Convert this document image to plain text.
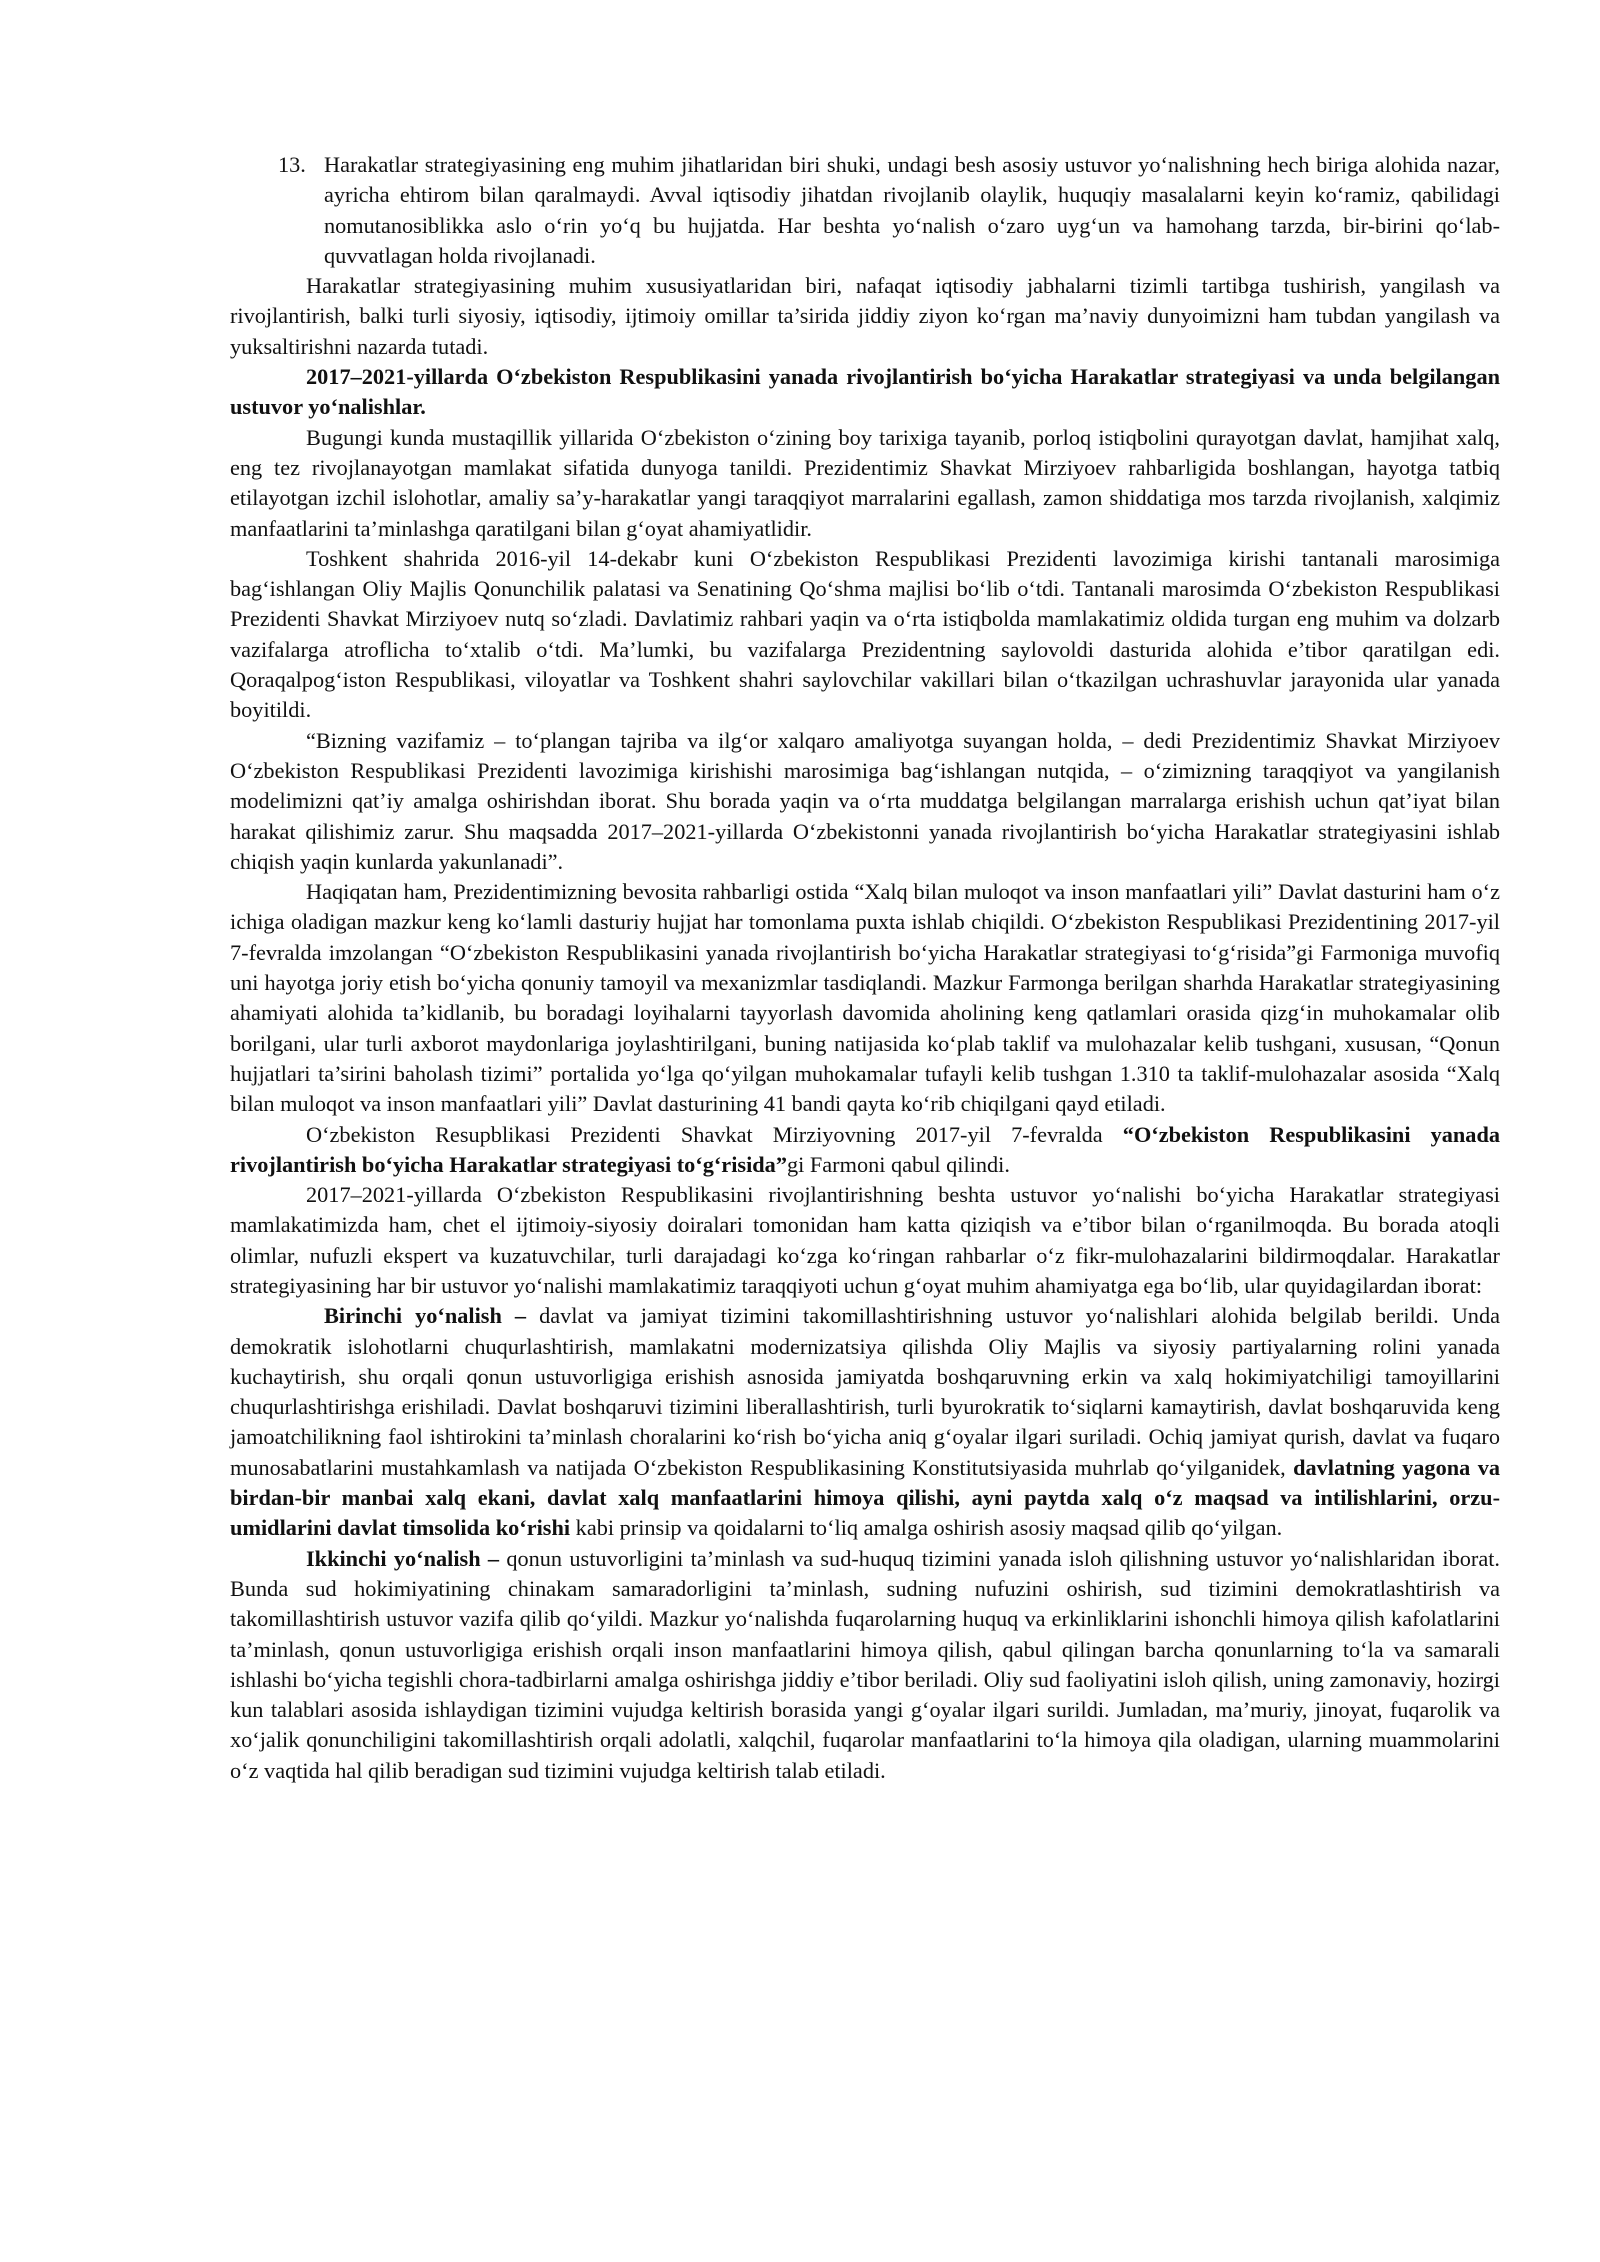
13. Harakatlar strategiyasining eng muhim jihatlaridan biri shuki, undagi besh asosiy ustuvor yo‘nalishning hech biriga alohida nazar, ayricha ehtirom bilan qaralmaydi. Avval iqtisodiy jihatdan rivojlanib olaylik, huquqiy masalalarni keyin ko‘ramiz, qabilidagi nomutanosiblikka aslo o‘rin yo‘q bu hujjatda. Har beshta yo‘nalish o‘zaro uyg‘un va hamohang tarzda, bir-birini qo‘lab-quvvatlagan holda rivojlanadi.

Harakatlar strategiyasining muhim xususiyatlaridan biri, nafaqat iqtisodiy jabhalarni tizimli tartibga tushirish, yangilash va rivojlantirish, balki turli siyosiy, iqtisodiy, ijtimoiy omillar ta’sirida jiddiy ziyon ko‘rgan ma’naviy dunyoimizni ham tubdan yangilash va yuksaltirishni nazarda tutadi.

2017–2021-yillarda O‘zbekiston Respublikasini yanada rivojlantirish bo‘yicha Harakatlar strategiyasi va unda belgilangan ustuvor yo‘nalishlar.

Bugungi kunda mustaqillik yillarida O‘zbekiston o‘zining boy tarixiga tayanib, porloq istiqbolini qurayotgan davlat, hamjihat xalq, eng tez rivojlanayotgan mamlakat sifatida dunyoga tanildi. Prezidentimiz Shavkat Mirziyoev rahbarligida boshlangan, hayotga tatbiq etilayotgan izchil islohotlar, amaliy sa’y-harakatlar yangi taraqqiyot marralarini egallash, zamon shiddatiga mos tarzda rivojlanish, xalqimiz manfaatlarini ta’minlashga qaratilgani bilan g‘oyat ahamiyatlidir.

Toshkent shahrida 2016-yil 14-dekabr kuni O‘zbekiston Respublikasi Prezidenti lavozimiga kirishi tantanali marosimiga bag‘ishlangan Oliy Majlis Qonunchilik palatasi va Senatining Qo‘shma majlisi bo‘lib o‘tdi. Tantanali marosimda O‘zbekiston Respublikasi Prezidenti Shavkat Mirziyoev nutq so‘zladi. Davlatimiz rahbari yaqin va o‘rta istiqbolda mamlakatimiz oldida turgan eng muhim va dolzarb vazifalarga atroflicha to‘xtalib o‘tdi. Ma’lumki, bu vazifalarga Prezidentning saylovoldi dasturida alohida e’tibor qaratilgan edi. Qoraqalpog‘iston Respublikasi, viloyatlar va Toshkent shahri saylovchilar vakillari bilan o‘tkazilgan uchrashuvlar jarayonida ular yanada boyitildi.

“Bizning vazifamiz – to‘plangan tajriba va ilg‘or xalqaro amaliyotga suyangan holda, – dedi Prezidentimiz Shavkat Mirziyoev O‘zbekiston Respublikasi Prezidenti lavozimiga kirishishi marosimiga bag‘ishlangan nutqida, – o‘zimizning taraqqiyot va yangilanish modelimizni qat’iy amalga oshirishdan iborat. Shu borada yaqin va o‘rta muddatga belgilangan marralarga erishish uchun qat’iyat bilan harakat qilishimiz zarur. Shu maqsadda 2017–2021-yillarda O‘zbekistonni yanada rivojlantirish bo‘yicha Harakatlar strategiyasini ishlab chiqish yaqin kunlarda yakunlanadi”.

Haqiqatan ham, Prezidentimizning bevosita rahbarligi ostida “Xalq bilan muloqot va inson manfaatlari yili” Davlat dasturini ham o‘z ichiga oladigan mazkur keng ko‘lamli dasturiy hujjat har tomonlama puxta ishlab chiqildi. O‘zbekiston Respublikasi Prezidentining 2017-yil 7-fevralda imzolangan “O‘zbekiston Respublikasini yanada rivojlantirish bo‘yicha Harakatlar strategiyasi to‘g‘risida”gi Farmoniga muvofiq uni hayotga joriy etish bo‘yicha qonuniy tamoyil va mexanizmlar tasdiqlandi. Mazkur Farmonga berilgan sharhda Harakatlar strategiyasining ahamiyati alohida ta’kidlanib, bu boradagi loyihalarni tayyorlash davomida aholining keng qatlamlari orasida qizg‘in muhokamalar olib borilgani, ular turli axborot maydonlariga joylashtirilgani, buning natijasida ko‘plab taklif va mulohazalar kelib tushgani, xususan, “Qonun hujjatlari ta’sirini baholash tizimi” portalida yo‘lga qo‘yilgan muhokamalar tufayli kelib tushgan 1.310 ta taklif-mulohazalar asosida “Xalq bilan muloqot va inson manfaatlari yili” Davlat dasturining 41 bandi qayta ko‘rib chiqilgani qayd etiladi.

O‘zbekiston Resupblikasi Prezidenti Shavkat Mirziyovning 2017-yil 7-fevralda “O‘zbekiston Respublikasini yanada rivojlantirish bo‘yicha Harakatlar strategiyasi to‘g‘risida”gi Farmoni qabul qilindi.

2017–2021-yillarda O‘zbekiston Respublikasini rivojlantirishning beshta ustuvor yo‘nalishi bo‘yicha Harakatlar strategiyasi mamlakatimizda ham, chet el ijtimoiy-siyosiy doiralari tomonidan ham katta qiziqish va e’tibor bilan o‘rganilmoqda. Bu borada atoqli olimlar, nufuzli ekspert va kuzatuvchilar, turli darajadagi ko‘zga ko‘ringan rahbarlar o‘z fikr-mulohazalarini bildirmoqdalar. Harakatlar strategiyasining har bir ustuvor yo‘nalishi mamlakatimiz taraqqiyoti uchun g‘oyat muhim ahamiyatga ega bo‘lib, ular quyidagilardan iborat:

Birinchi yo‘nalish – davlat va jamiyat tizimini takomillashtirishning ustuvor yo‘nalishlari alohida belgilab berildi. Unda demokratik islohotlarni chuqurlashtirish, mamlakatni modernizatsiya qilishda Oliy Majlis va siyosiy partiyalarning rolini yanada kuchaytirish, shu orqali qonun ustuvorligiga erishish asnosida jamiyatda boshqaruvning erkin va xalq hokimiyatchiligi tamoyillarini chuqurlashtirishga erishiladi. Davlat boshqaruvi tizimini liberallashtirish, turli byurokratik to‘siqlarni kamaytirish, davlat boshqaruvida keng jamoatchilikning faol ishtirokini ta’minlash choralarini ko‘rish bo‘yicha aniq g‘oyalar ilgari suriladi. Ochiq jamiyat qurish, davlat va fuqaro munosabatlarini mustahkamlash va natijada O‘zbekiston Respublikasining Konstitutsiyasida muhrlab qo‘yilganidek, davlatning yagona va birdan-bir manbai xalq ekani, davlat xalq manfaatlarini himoya qilishi, ayni paytda xalq o‘z maqsad va intilishlarini, orzu-umidlarini davlat timsolida ko‘rishi kabi prinsip va qoidalarni to‘liq amalga oshirish asosiy maqsad qilib qo‘yilgan.

Ikkinchi yo‘nalish – qonun ustuvorligini ta’minlash va sud-huquq tizimini yanada isloh qilishning ustuvor yo‘nalishlaridan iborat. Bunda sud hokimiyatining chinakam samaradorligini ta’minlash, sudning nufuzini oshirish, sud tizimini demokratlashtirish va takomillashtirish ustuvor vazifa qilib qo‘yildi. Mazkur yo‘nalishda fuqarolarning huquq va erkinliklarini ishonchli himoya qilish kafolatlarini ta’minlash, qonun ustuvorligiga erishish orqali inson manfaatlarini himoya qilish, qabul qilingan barcha qonunlarning to‘la va samarali ishlashi bo‘yicha tegishli chora-tadbirlarni amalga oshirishga jiddiy e’tibor beriladi. Oliy sud faoliyatini isloh qilish, uning zamonaviy, hozirgi kun talablari asosida ishlaydigan tizimini vujudga keltirish borasida yangi g‘oyalar ilgari surildi. Jumladan, ma’muriy, jinoyat, fuqarolik va xo‘jalik qonunchiligini takomillashtirish orqali adolatli, xalqchil, fuqarolar manfaatlarini to‘la himoya qila oladigan, ularning muammolarini o‘z vaqtida hal qilib beradigan sud tizimini vujudga keltirish talab etiladi.
